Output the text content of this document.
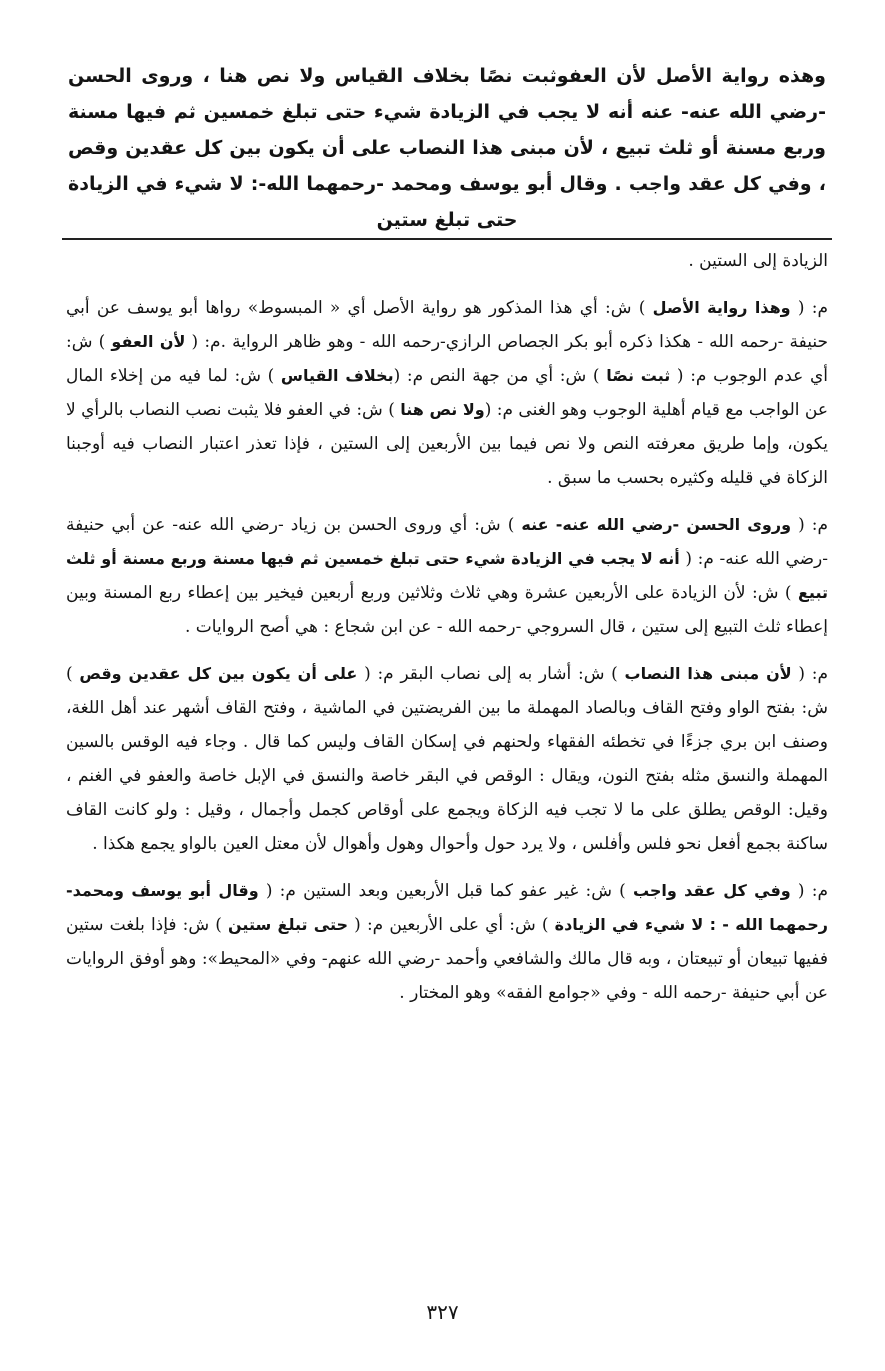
وهذه رواية الأصل لأن العفوثبت نصًا بخلاف القياس ولا نص هنا ، وروى الحسن -رضي الله عنه- عنه أنه لا يجب في الزيادة شيء حتى تبلغ خمسين ثم فيها مسنة وربع مسنة أو ثلث تبيع ، لأن مبنى هذا النصاب على أن يكون بين كل عقدين وقص ، وفي كل عقد واجب . وقال أبو يوسف ومحمد -رحمهما الله-: لا شيء في الزيادة حتى تبلغ ستين

الزيادة إلى الستين .

م: ( وهذا رواية الأصل ) ش: أي هذا المذكور هو رواية الأصل أي « المبسوط» رواها أبو يوسف عن أبي حنيفة -رحمه الله - هكذا ذكره أبو بكر الجصاص الرازي-رحمه الله - وهو ظاهر الرواية .م: ( لأن العفو ) ش: أي عدم الوجوب م: ( ثبت نصًا ) ش: أي من جهة النص م: (بخلاف القياس ) ش: لما فيه من إخلاء المال عن الواجب مع قيام أهلية الوجوب وهو الغنى م: (ولا نص هنا ) ش: في العفو فلا يثبت نصب النصاب بالرأي لا يكون، وإما طريق معرفته النص ولا نص فيما بين الأربعين إلى الستين ، فإذا تعذر اعتبار النصاب فيه أوجبنا الزكاة في قليله وكثيره بحسب ما سبق .

م: ( وروى الحسن -رضي الله عنه- عنه ) ش: أي وروى الحسن بن زياد -رضي الله عنه- عن أبي حنيفة -رضي الله عنه- م: ( أنه لا يجب في الزيادة شيء حتى تبلغ خمسين ثم فيها مسنة وربع مسنة أو ثلث تبيع ) ش: لأن الزيادة على الأربعين عشرة وهي ثلاث وثلاثين وربع أربعين فيخير بين إعطاء ربع المسنة وبين إعطاء ثلث التبيع إلى ستين ، قال السروجي -رحمه الله - عن ابن شجاع : هي أصح الروايات .

م: ( لأن مبنى هذا النصاب ) ش: أشار به إلى نصاب البقر م: ( على أن يكون بين كل عقدين وقص ) ش: بفتح الواو وفتح القاف وبالصاد المهملة ما بين الفريضتين في الماشية ، وفتح القاف أشهر عند أهل اللغة، وصنف ابن بري جزءًا في تخطئه الفقهاء ولحنهم في إسكان القاف وليس كما قال . وجاء فيه الوقس بالسين المهملة والنسق مثله بفتح النون، ويقال : الوقص في البقر خاصة والنسق في الإبل خاصة والعفو في الغنم ، وقيل: الوقص يطلق على ما لا تجب فيه الزكاة ويجمع على أوقاص كجمل وأجمال ، وقيل : ولو كانت القاف ساكنة بجمع أفعل نحو فلس وأفلس ، ولا يرد حول وأحوال وهول وأهوال لأن معتل العين بالواو يجمع هكذا .

م: ( وفي كل عقد واجب ) ش: غير عفو كما قبل الأربعين وبعد الستين م: ( وقال أبو يوسف ومحمد- رحمهما الله - : لا شيء في الزيادة ) ش: أي على الأربعين م: ( حتى تبلغ ستين ) ش: فإذا بلغت ستين ففيها تبيعان أو تبيعتان ، وبه قال مالك والشافعي وأحمد -رضي الله عنهم- وفي «المحيط»: وهو أوفق الروايات عن أبي حنيفة -رحمه الله - وفي «جوامع الفقه» وهو المختار .

٣٢٧
